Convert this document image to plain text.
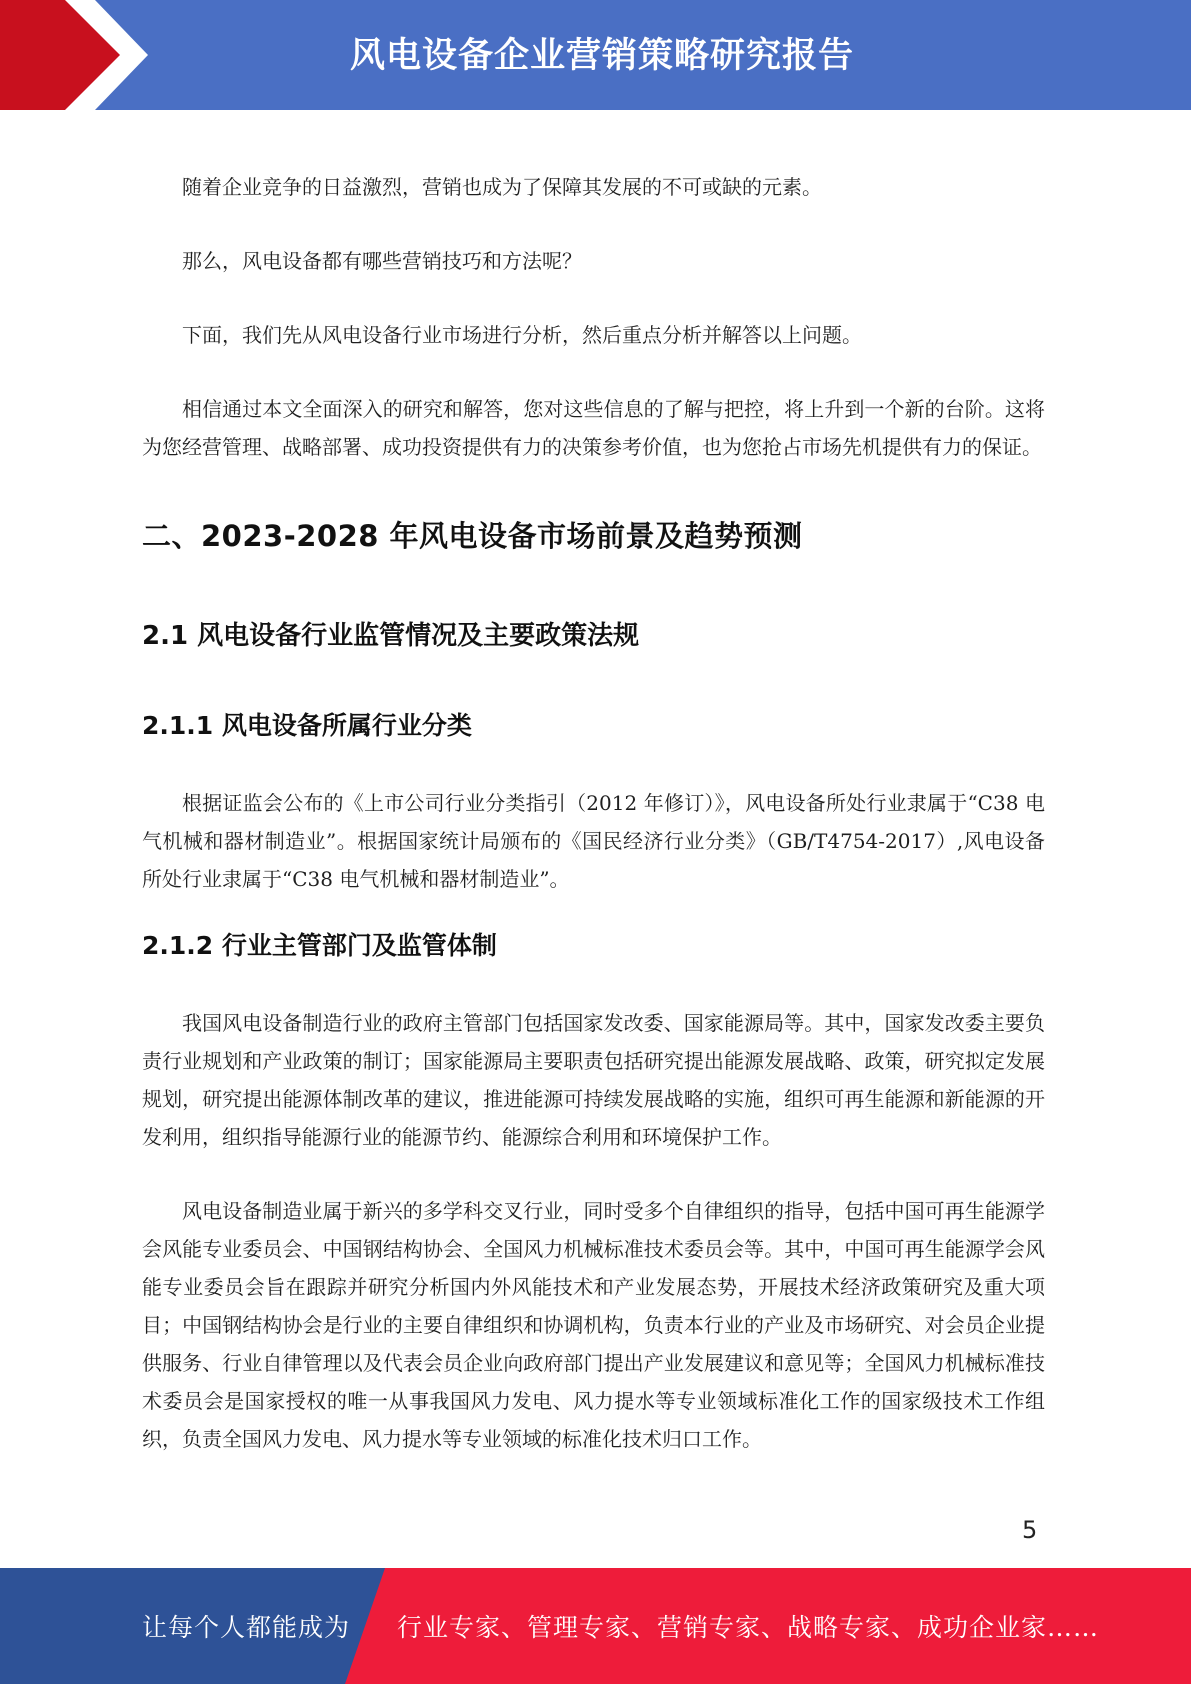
风电设备企业营销策略研究报告

随着企业竞争的日益激烈，营销也成为了保障其发展的不可或缺的元素。

那么，风电设备都有哪些营销技巧和方法呢？

下面，我们先从风电设备行业市场进行分析，然后重点分析并解答以上问题。

相信通过本文全面深入的研究和解答，您对这些信息的了解与把控，将上升到一个新的台阶。这将为您经营管理、战略部署、成功投资提供有力的决策参考价值，也为您抢占市场先机提供有力的保证。

二、2023-2028 年风电设备市场前景及趋势预测
2.1 风电设备行业监管情况及主要政策法规
2.1.1 风电设备所属行业分类

根据证监会公布的《上市公司行业分类指引（2012 年修订）》，风电设备所处行业隶属于“C38 电气机械和器材制造业”。根据国家统计局颁布的《国民经济行业分类》（GB/T4754-2017）,风电设备所处行业隶属于“C38 电气机械和器材制造业”。

2.1.2 行业主管部门及监管体制

我国风电设备制造行业的政府主管部门包括国家发改委、国家能源局等。其中，国家发改委主要负责行业规划和产业政策的制订；国家能源局主要职责包括研究提出能源发展战略、政策，研究拟定发展规划，研究提出能源体制改革的建议，推进能源可持续发展战略的实施，组织可再生能源和新能源的开发利用，组织指导能源行业的能源节约、能源综合利用和环境保护工作。

风电设备制造业属于新兴的多学科交叉行业，同时受多个自律组织的指导，包括中国可再生能源学会风能专业委员会、中国钢结构协会、全国风力机械标准技术委员会等。其中，中国可再生能源学会风能专业委员会旨在跟踪并研究分析国内外风能技术和产业发展态势，开展技术经济政策研究及重大项目；中国钢结构协会是行业的主要自律组织和协调机构，负责本行业的产业及市场研究、对会员企业提供服务、行业自律管理以及代表会员企业向政府部门提出产业发展建议和意见等；全国风力机械标准技术委员会是国家授权的唯一从事我国风力发电、风力提水等专业领域标准化工作的国家级技术工作组织，负责全国风力发电、风力提水等专业领域的标准化技术归口工作。

5
让每个人都能成为 行业专家、管理专家、营销专家、战略专家、成功企业家……
